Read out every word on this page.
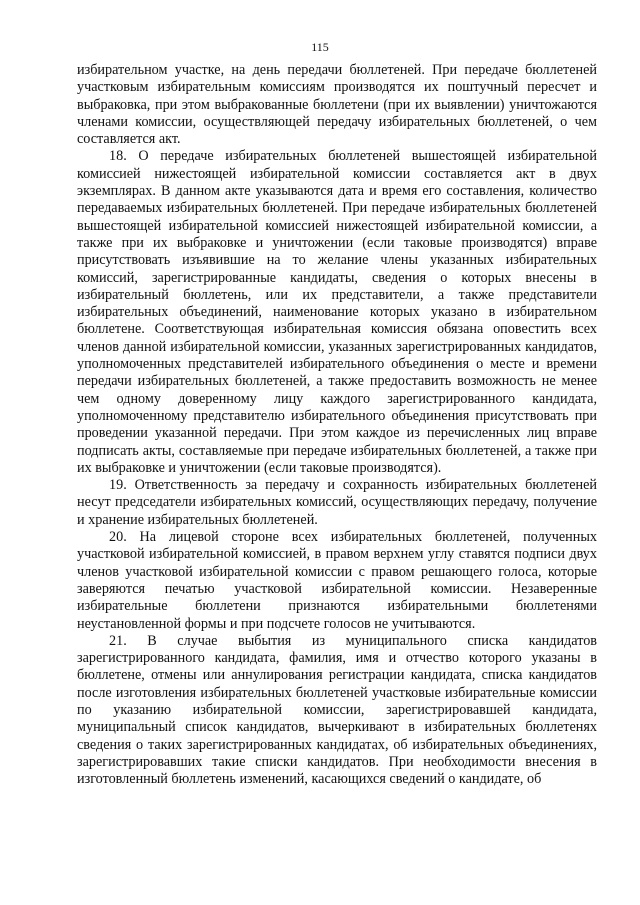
115

избирательном участке, на день передачи бюллетеней. При передаче бюллетеней участковым избирательным комиссиям производятся их поштучный пересчет и выбраковка, при этом выбракованные бюллетени (при их выявлении) уничтожаются членами комиссии, осуществляющей передачу избирательных бюллетеней, о чем составляется акт.

18. О передаче избирательных бюллетеней вышестоящей избирательной комиссией нижестоящей избирательной комиссии составляется акт в двух экземплярах. В данном акте указываются дата и время его составления, количество передаваемых избирательных бюллетеней. При передаче избирательных бюллетеней вышестоящей избирательной комиссией нижестоящей избирательной комиссии, а также при их выбраковке и уничтожении (если таковые производятся) вправе присутствовать изъявившие на то желание члены указанных избирательных комиссий, зарегистрированные кандидаты, сведения о которых внесены в избирательный бюллетень, или их представители, а также представители избирательных объединений, наименование которых указано в избирательном бюллетене. Соответствующая избирательная комиссия обязана оповестить всех членов данной избирательной комиссии, указанных зарегистрированных кандидатов, уполномоченных представителей избирательного объединения о месте и времени передачи избирательных бюллетеней, а также предоставить возможность не менее чем одному доверенному лицу каждого зарегистрированного кандидата, уполномоченному представителю избирательного объединения присутствовать при проведении указанной передачи. При этом каждое из перечисленных лиц вправе подписать акты, составляемые при передаче избирательных бюллетеней, а также при их выбраковке и уничтожении (если таковые производятся).

19. Ответственность за передачу и сохранность избирательных бюллетеней несут председатели избирательных комиссий, осуществляющих передачу, получение и хранение избирательных бюллетеней.

20. На лицевой стороне всех избирательных бюллетеней, полученных участковой избирательной комиссией, в правом верхнем углу ставятся подписи двух членов участковой избирательной комиссии с правом решающего голоса, которые заверяются печатью участковой избирательной комиссии. Незаверенные избирательные бюллетени признаются избирательными бюллетенями неустановленной формы и при подсчете голосов не учитываются.

21. В случае выбытия из муниципального списка кандидатов зарегистрированного кандидата, фамилия, имя и отчество которого указаны в бюллетене, отмены или аннулирования регистрации кандидата, списка кандидатов после изготовления избирательных бюллетеней участковые избирательные комиссии по указанию избирательной комиссии, зарегистрировавшей кандидата, муниципальный список кандидатов, вычеркивают в избирательных бюллетенях сведения о таких зарегистрированных кандидатах, об избирательных объединениях, зарегистрировавших такие списки кандидатов. При необходимости внесения в изготовленный бюллетень изменений, касающихся сведений о кандидате, об
